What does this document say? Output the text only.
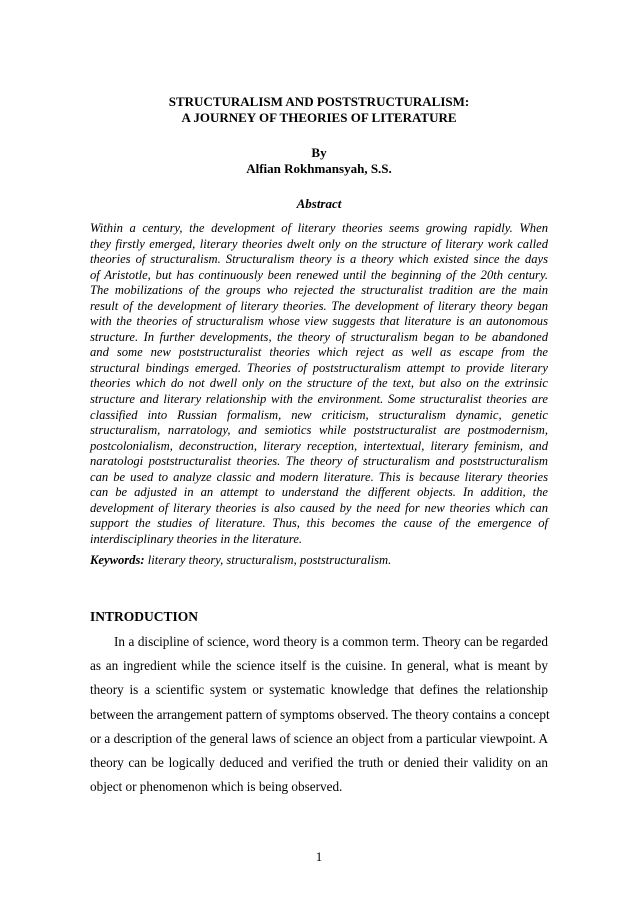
STRUCTURALISM AND POSTSTRUCTURALISM:
A JOURNEY OF THEORIES OF LITERATURE
By
Alfian Rokhmansyah, S.S.
Abstract
Within a century, the development of literary theories seems growing rapidly. When
they firstly emerged, literary theories dwelt only on the structure of literary work called
theories of structuralism. Structuralism theory is a theory which existed since the days
of Aristotle, but has continuously been renewed until the beginning of the 20th century.
The mobilizations of the groups who rejected the structuralist tradition are the main
result of the development of literary theories. The development of literary theory began
with the theories of structuralism whose view suggests that literature is an autonomous
structure. In further developments, the theory of structuralism began to be abandoned
and some new poststructuralist theories which reject as well as escape from the
structural bindings emerged. Theories of poststructuralism attempt to provide literary
theories which do not dwell only on the structure of the text, but also on the extrinsic
structure and literary relationship with the environment. Some structuralist theories are
classified into Russian formalism, new criticism, structuralism dynamic, genetic
structuralism, narratology, and semiotics while poststructuralist are postmodernism,
postcolonialism, deconstruction, literary reception, intertextual, literary feminism, and
naratologi poststructuralist theories. The theory of structuralism and poststructuralism
can be used to analyze classic and modern literature. This is because literary theories
can be adjusted in an attempt to understand the different objects. In addition, the
development of literary theories is also caused by the need for new theories which can
support the studies of literature. Thus, this becomes the cause of the emergence of
interdisciplinary theories in the literature.
Keywords: literary theory, structuralism, poststructuralism.
INTRODUCTION
In a discipline of science, word theory is a common term. Theory can be regarded
as an ingredient while the science itself is the cuisine. In general, what is meant by
theory is a scientific system or systematic knowledge that defines the relationship
between the arrangement pattern of symptoms observed. The theory contains a concept
or a description of the general laws of science an object from a particular viewpoint. A
theory can be logically deduced and verified the truth or denied their validity on an
object or phenomenon which is being observed.
1
